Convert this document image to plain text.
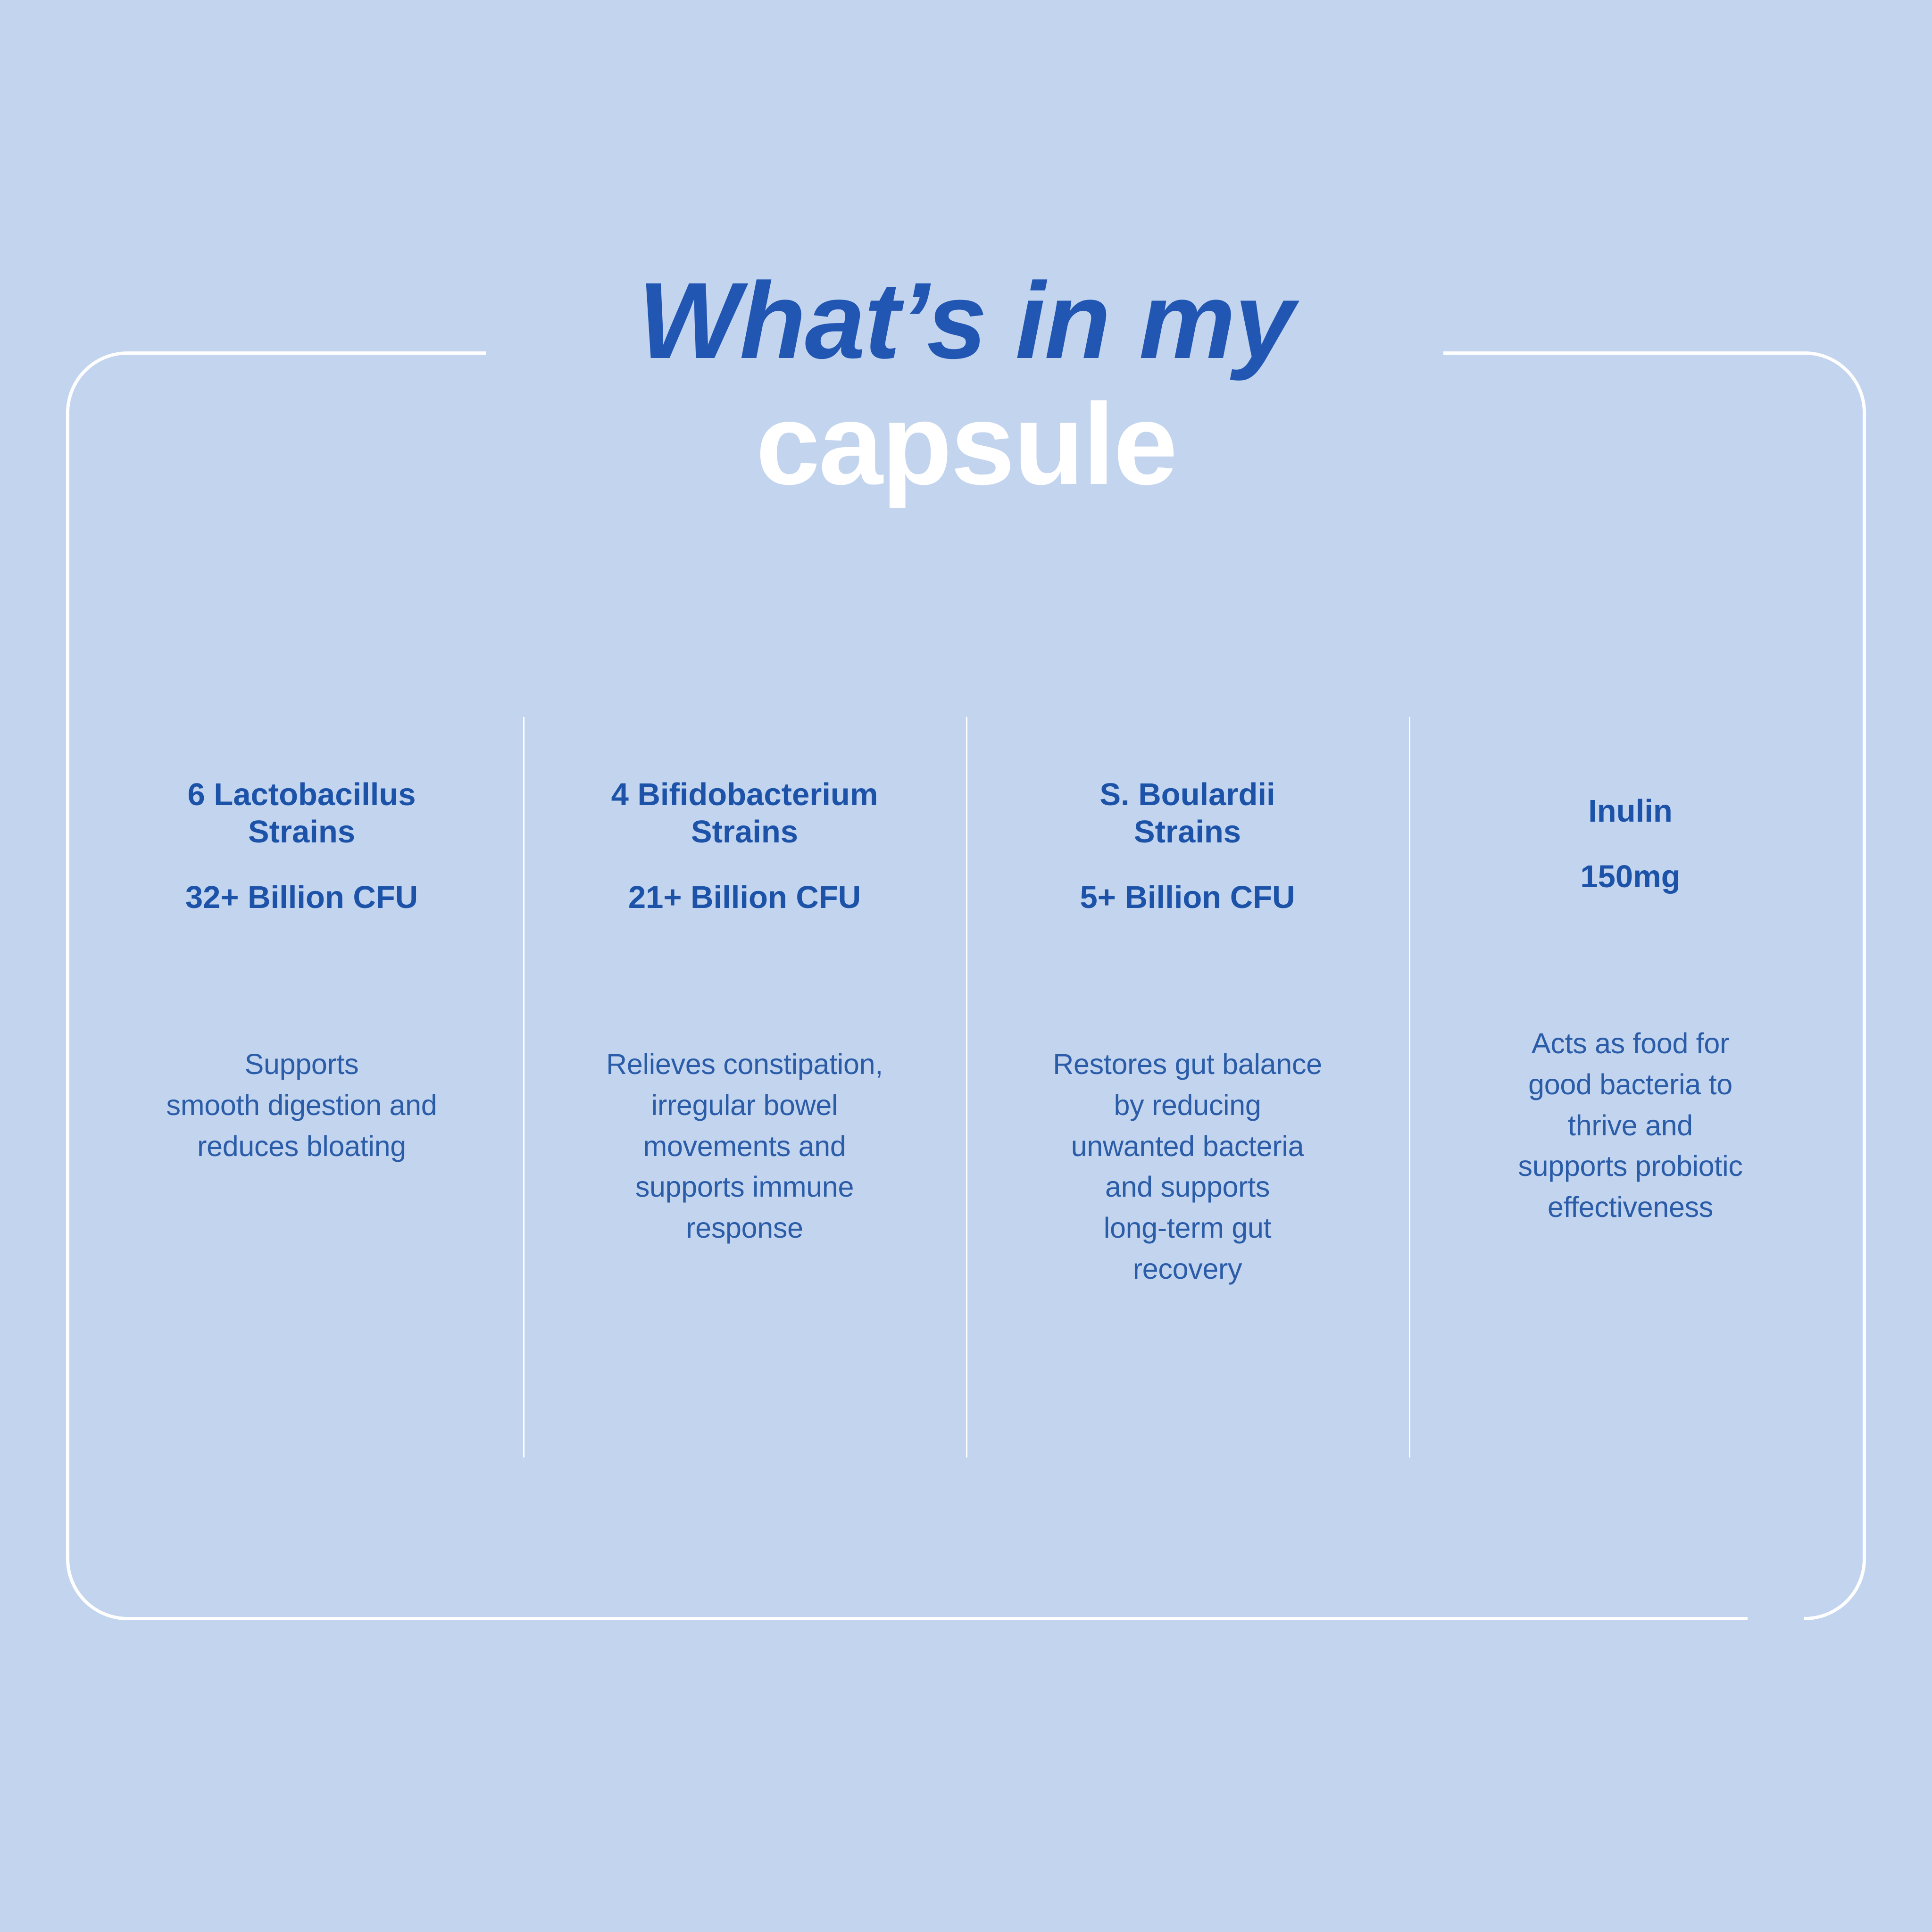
What’s in my
capsule
6 Lactobacillus
Strains
32+ Billion CFU
Supports
smooth digestion and
reduces bloating
4 Bifidobacterium
Strains
21+ Billion CFU
Relieves constipation,
irregular bowel
movements and
supports immune
response
S. Boulardii
Strains
5+ Billion CFU
Restores gut balance
by reducing
unwanted bacteria
and supports
long-term gut
recovery
Inulin
150mg
Acts as food for
good bacteria to
thrive and
supports probiotic
effectiveness
